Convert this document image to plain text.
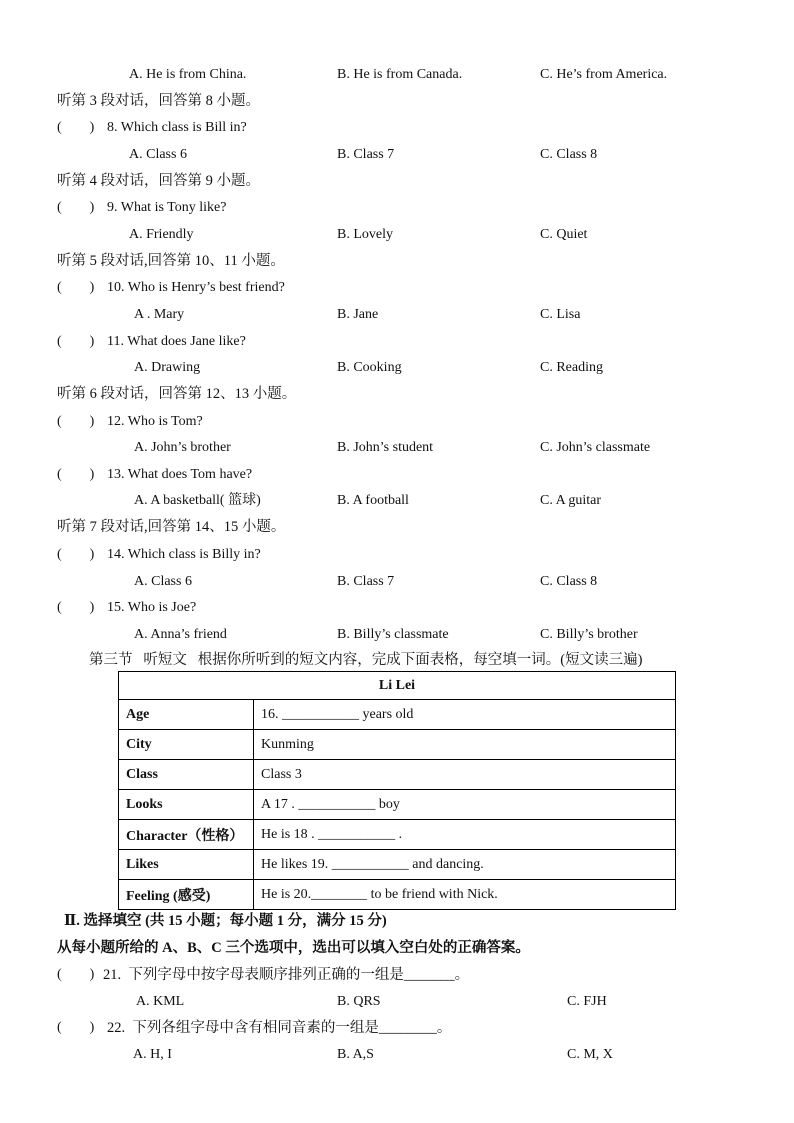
A. He is from China.	B. He is from Canada.	C. He’s from America.
听第 3 段对话，回答第 8 小题。
(        ) 8. Which class is Bill in?
A. Class 6	B. Class 7	C. Class 8
听第 4 段对话，回答第 9 小题。
(        ) 9. What is Tony like?
A. Friendly	B. Lovely	C. Quiet
听第 5 段对话,回答第 10、11 小题。
(        ) 10. Who is Henry’s best friend?
A . Mary	B. Jane	C. Lisa
(        ) 11. What does Jane like?
A. Drawing	B. Cooking	C. Reading
听第 6 段对话，回答第 12、13 小题。
(        ) 12. Who is Tom?
A. John’s brother	B. John’s student	C. John’s classmate
(        ) 13. What does Tom have?
A. A basketball( 篮球)	B. A football	C. A guitar
听第 7 段对话,回答第 14、15 小题。
(        ) 14. Which class is Billy in?
A. Class 6	B. Class 7	C. Class 8
(        ) 15. Who is Joe?
A. Anna’s friend	B. Billy’s classmate	C. Billy’s brother
第三节   听短文   根据你所听到的短文内容，完成下面表格，每空填一词。(短文读三遍)
Li Lei	
Age	16. ___________ years old
City	Kunming
Class	Class 3
Looks	A 17 . ___________ boy
Character（性格）	He is 18 . ___________ .
Likes	He likes 19. ___________ and dancing.
Feeling (感受)	He is 20.________ to be friend with Nick.
Ⅱ. 选择填空 (共 15 小题；每小题 1 分，满分 15 分)
从每小题所给的 A、B、C 三个选项中，选出可以填入空白处的正确答案。
(        ) 21.  下列字母中按字母表顺序排列正确的一组是_______。
A. KML	B. QRS	C. FJH
(        ) 22.  下列各组字母中含有相同音素的一组是________。
A. H, I	B. A,S	C. M, X
